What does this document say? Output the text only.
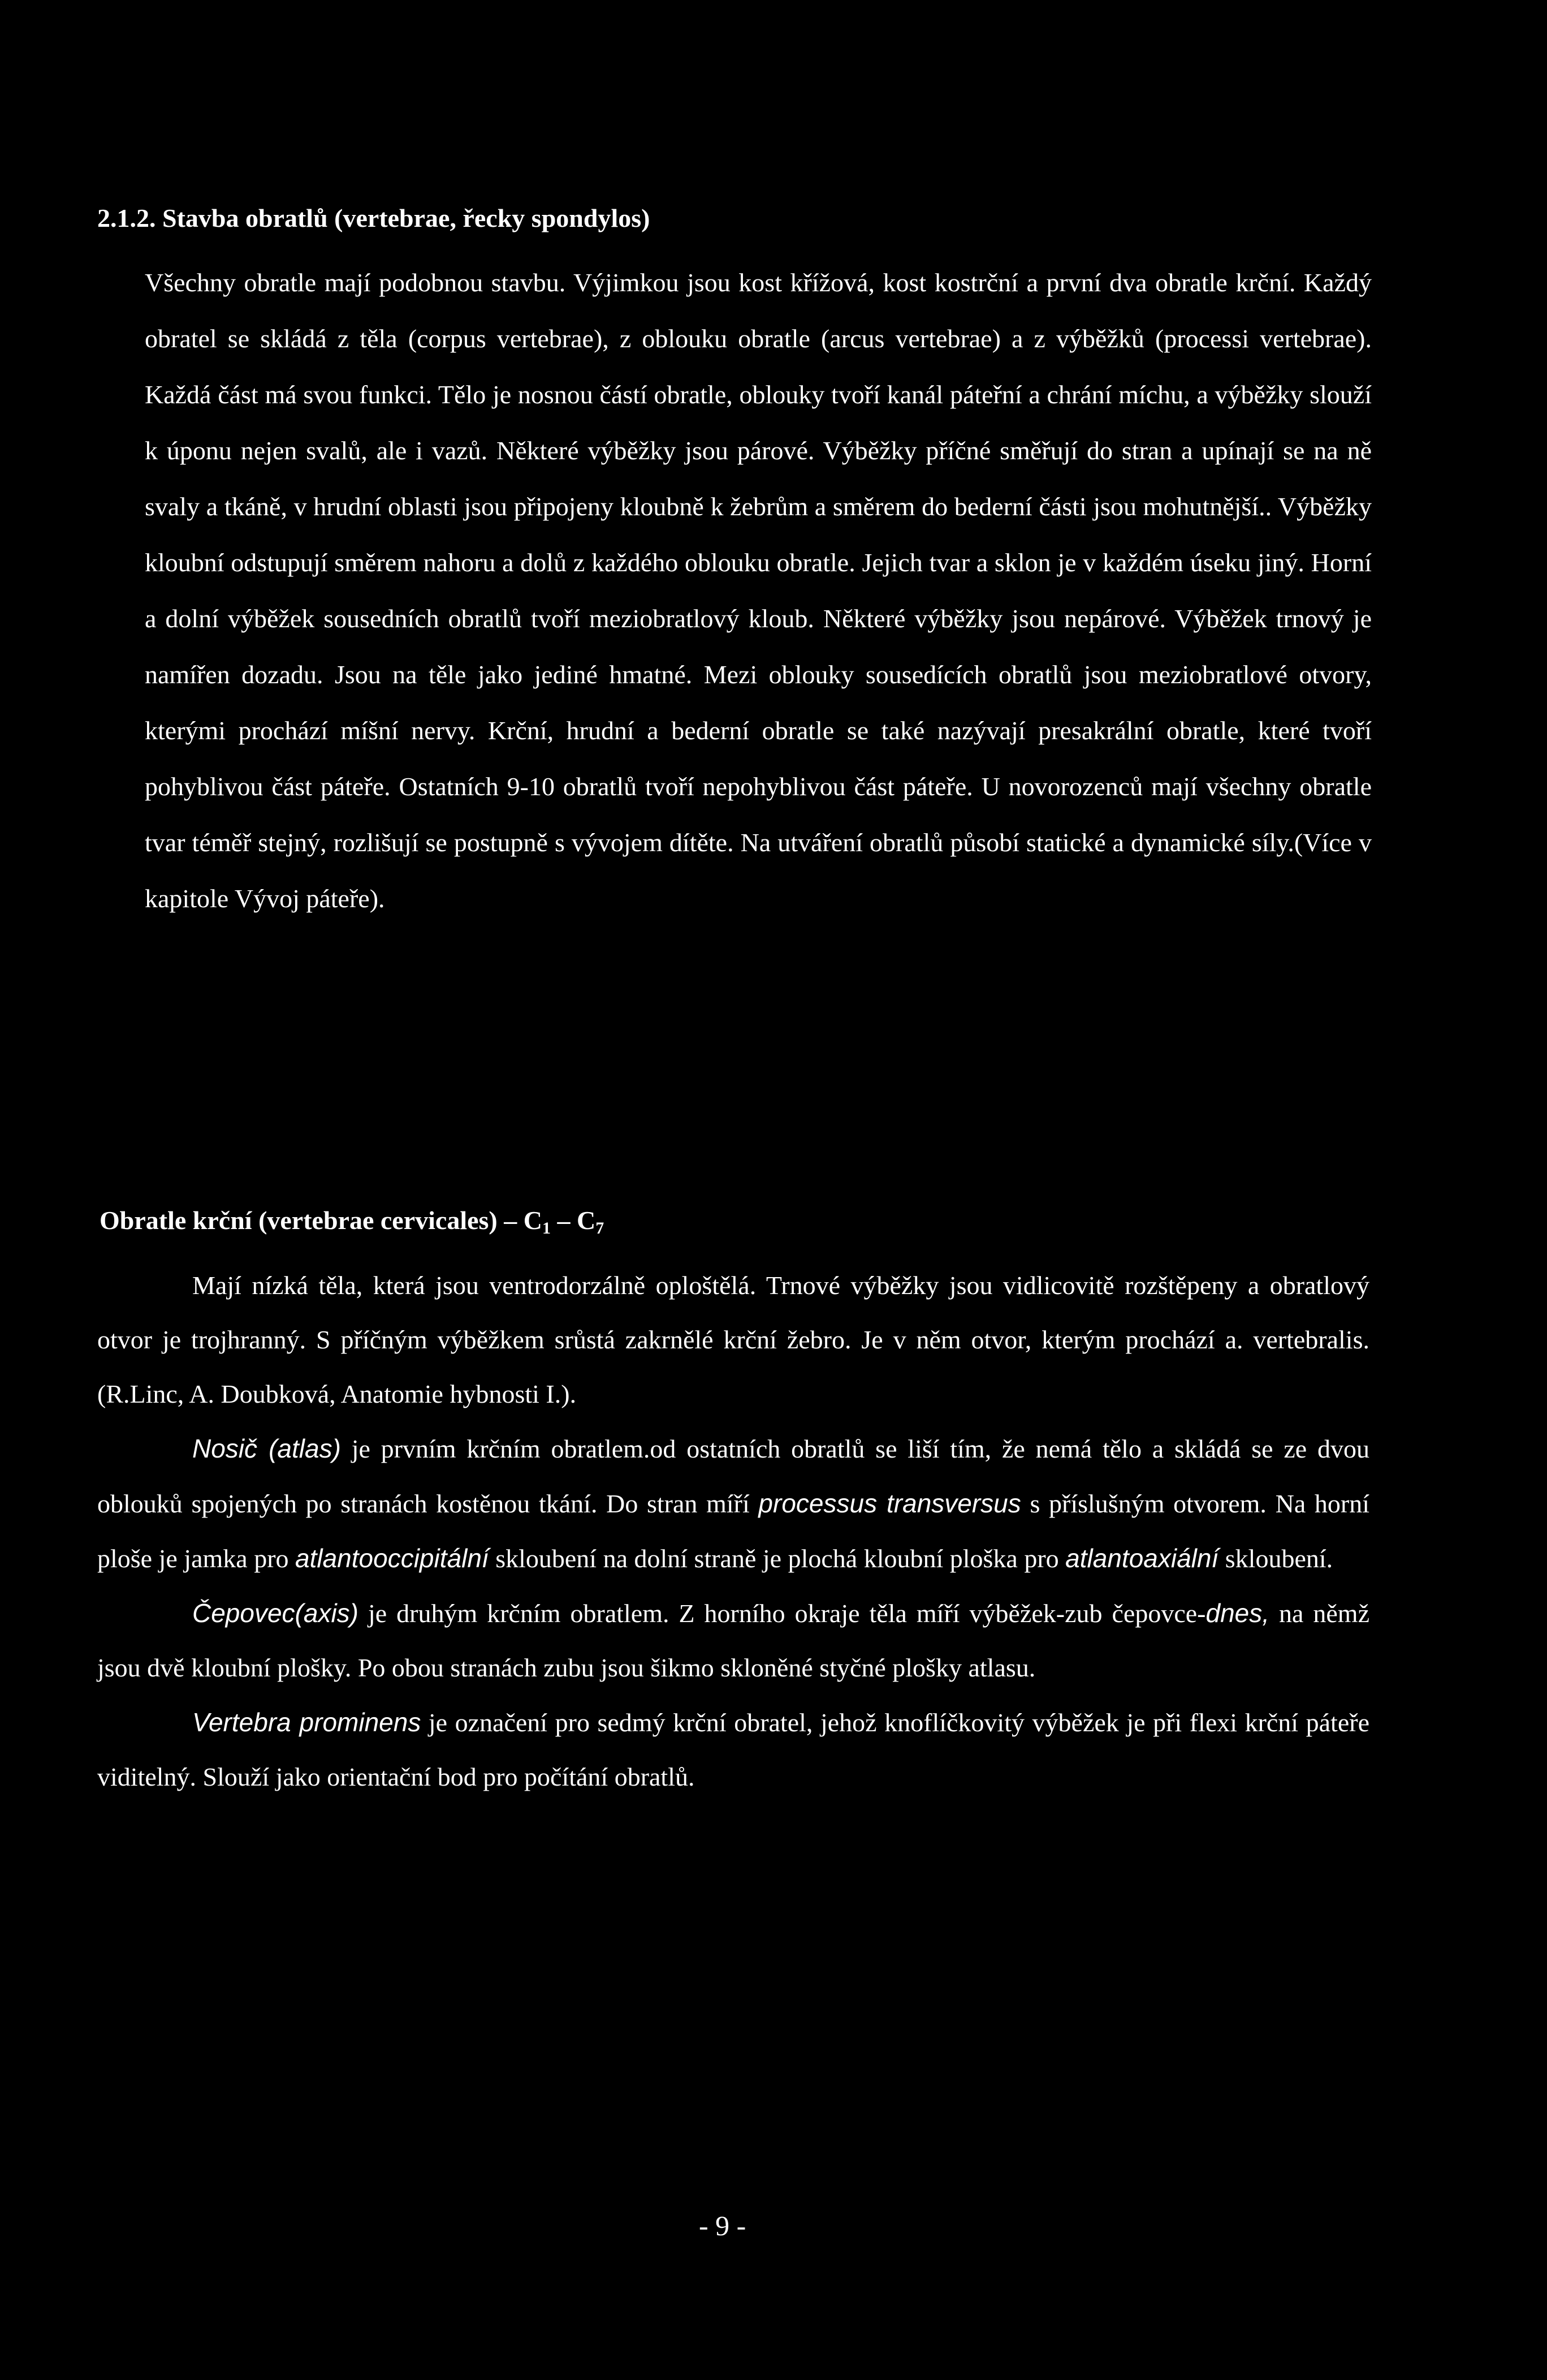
2.1.2. Stavba obratlů (vertebrae, řecky spondylos)
Všechny obratle mají podobnou stavbu. Výjimkou jsou kost křížová, kost kostrční a první dva obratle krční. Každý obratel se skládá z těla (corpus vertebrae), z oblouku obratle (arcus vertebrae) a z výběžků (processi vertebrae). Každá část má svou funkci. Tělo je nosnou částí obratle, oblouky tvoří kanál páteřní a chrání míchu, a výběžky slouží k úponu nejen svalů, ale i vazů. Některé výběžky jsou párové. Výběžky příčné směřují do stran a upínají se na ně svaly a tkáně, v hrudní oblasti jsou připojeny kloubně k žebrům a směrem do bederní části jsou mohutnější.. Výběžky kloubní odstupují směrem nahoru a dolů z každého oblouku obratle. Jejich tvar a sklon je v každém úseku jiný. Horní a dolní výběžek sousedních obratlů tvoří meziobratlový kloub. Některé výběžky jsou nepárové. Výběžek trnový je namířen dozadu. Jsou na těle jako jediné hmatné. Mezi oblouky sousedících obratlů jsou meziobratlové otvory, kterými prochází míšní nervy. Krční, hrudní a bederní obratle se také nazývají presakrální obratle, které tvoří pohyblivou část páteře. Ostatních 9-10 obratlů tvoří nepohyblivou část páteře. U novorozenců mají všechny obratle tvar téměř stejný, rozlišují se postupně s vývojem dítěte. Na utváření obratlů působí statické a dynamické síly.(Více v kapitole Vývoj páteře).
Obratle krční (vertebrae cervicales) – $C_1 - C_7$

Mají nízká těla, která jsou ventrodorzálně oploštělá. Trnové výběžky jsou vidlicovitě rozštěpeny a obratlový otvor je trojhranný. S příčným výběžkem srůstá zakrnělé krční žebro. Je v něm otvor, kterým prochází a. vertebralis.(R.Linc, A. Doubková, Anatomie hybnosti I.).

Nosič (atlas) je prvním krčním obratlem.od ostatních obratlů se liší tím, že nemá tělo a skládá se ze dvou oblouků spojených po stranách kostěnou tkání. Do stran míří processus transversus s příslušným otvorem. Na horní ploše je jamka pro atlantooccipitální skloubení na dolní straně je plochá kloubní ploška pro atlantoaxiální skloubení.

Čepovec(axis) je druhým krčním obratlem. Z horního okraje těla míří výběžek-zub čepovce-dnes, na němž jsou dvě kloubní plošky. Po obou stranách zubu jsou šikmo skloněné styčné plošky atlasu.

Vertebra prominens je označení pro sedmý krční obratel, jehož knoflíčkovitý výběžek je při flexi krční páteře viditelný. Slouží jako orientační bod pro počítání obratlů.

- 9 -
